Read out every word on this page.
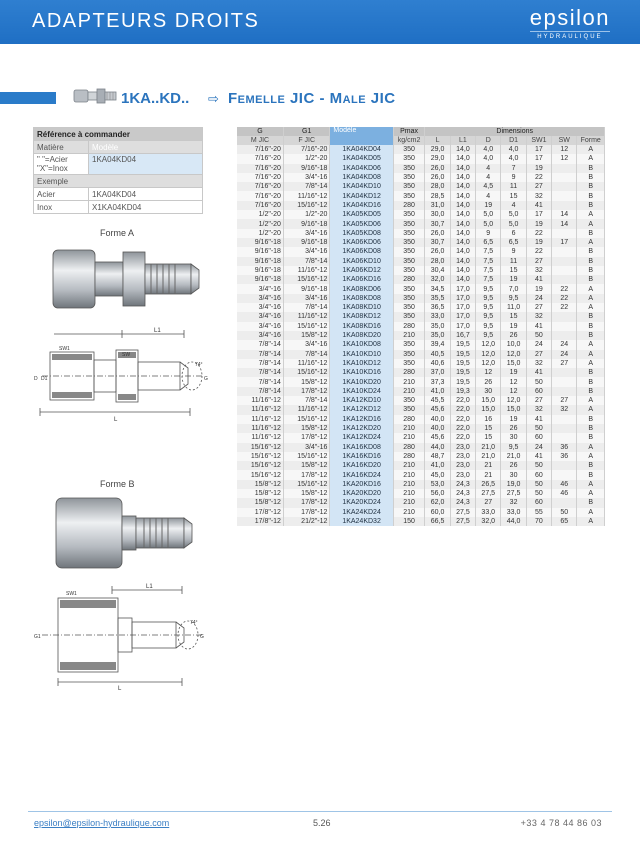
ADAPTEURS DROITS	epsilon
HYDRAULIQUE
1KA..KD.. ⇨ Femelle JIC - Male JIC
Référence à commander	
Matière	Modèle

" "=Acier
"X"=Inox	1KA04KD04
Exemple	
Acier	1KA04KD04
Inox	X1KA04KD04
Forme A
L1
L
SW1
SW
D D1	G
74°
Forme B
L1
L
SW1
G1	G
74°
G	G1	Modèle	Pmax	Dimensions						
M JIC	F JIC		kg/cm2	L	L1	D	D1	SW1	SW	Forme
7/16"-20	7/16"-20	1KA04KD04	350	29,0	14,0	4,0	4,0	17	12	A
7/16"-20	1/2"-20	1KA04KD05	350	29,0	14,0	4,0	4,0	17	12	A
7/16"-20	9/16"-18	1KA04KD06	350	26,0	14,0	4	7	19		B
7/16"-20	3/4"-16	1KA04KD08	350	26,0	14,0	4	9	22		B
7/16"-20	7/8"-14	1KA04KD10	350	28,0	14,0	4,5	11	27		B
7/16"-20	11/16"-12	1KA04KD12	350	28,5	14,0	4	15	32		B
7/16"-20	15/16"-12	1KA04KD16	280	31,0	14,0	19	4	41		B
1/2"-20	1/2"-20	1KA05KD05	350	30,0	14,0	5,0	5,0	17	14	A
1/2"-20	9/16"-18	1KA05KD06	350	30,7	14,0	5,0	5,0	19	14	A
1/2"-20	3/4"-16	1KA05KD08	350	26,0	14,0	9	6	22		B
9/16"-18	9/16"-18	1KA06KD06	350	30,7	14,0	6,5	6,5	19	17	A
9/16"-18	3/4"-16	1KA06KD08	350	26,0	14,0	7,5	9	22		B
9/16"-18	7/8"-14	1KA06KD10	350	28,0	14,0	7,5	11	27		B
9/16"-18	11/16"-12	1KA06KD12	350	30,4	14,0	7,5	15	32		B
9/16"-18	15/16"-12	1KA06KD16	280	32,0	14,0	7,5	19	41		B
3/4"-16	9/16"-18	1KA08KD06	350	34,5	17,0	9,5	7,0	19	22	A
3/4"-16	3/4"-16	1KA08KD08	350	35,5	17,0	9,5	9,5	24	22	A
3/4"-16	7/8"-14	1KA08KD10	350	36,5	17,0	9,5	11,0	27	22	A
3/4"-16	11/16"-12	1KA08KD12	350	33,0	17,0	9,5	15	32		B
3/4"-16	15/16"-12	1KA08KD16	280	35,0	17,0	9,5	19	41		B
3/4"-16	15/8"-12	1KA08KD20	210	35,0	16,7	9,5	26	50		B
7/8"-14	3/4"-16	1KA10KD08	350	39,4	19,5	12,0	10,0	24	24	A
7/8"-14	7/8"-14	1KA10KD10	350	40,5	19,5	12,0	12,0	27	24	A
7/8"-14	11/16"-12	1KA10KD12	350	40,6	19,5	12,0	15,0	32	27	A
7/8"-14	15/16"-12	1KA10KD16	280	37,0	19,5	12	19	41		B
7/8"-14	15/8"-12	1KA10KD20	210	37,3	19,5	26	12	50		B
7/8"-14	17/8"-12	1KA10KD24	210	41,0	19,3	30	12	60		B
11/16"-12	7/8"-14	1KA12KD10	350	45,5	22,0	15,0	12,0	27	27	A
11/16"-12	11/16"-12	1KA12KD12	350	45,6	22,0	15,0	15,0	32	32	A
11/16"-12	15/16"-12	1KA12KD16	280	40,0	22,0	16	19	41		B
11/16"-12	15/8"-12	1KA12KD20	210	40,0	22,0	15	26	50		B
11/16"-12	17/8"-12	1KA12KD24	210	45,6	22,0	15	30	60		B
15/16"-12	3/4"-16	1KA16KD08	280	44,0	23,0	21,0	9,5	24	36	A
15/16"-12	15/16"-12	1KA16KD16	280	48,7	23,0	21,0	21,0	41	36	A
15/16"-12	15/8"-12	1KA16KD20	210	41,0	23,0	21	26	50		B
15/16"-12	17/8"-12	1KA16KD24	210	45,0	23,0	21	30	60		B
15/8"-12	15/16"-12	1KA20KD16	210	53,0	24,3	26,5	19,0	50	46	A
15/8"-12	15/8"-12	1KA20KD20	210	56,0	24,3	27,5	27,5	50	46	A
15/8"-12	17/8"-12	1KA20KD24	210	62,0	24,3	27	32	60		B
17/8"-12	17/8"-12	1KA24KD24	210	60,0	27,5	33,0	33,0	55	50	A
17/8"-12	21/2"-12	1KA24KD32	150	66,5	27,5	32,0	44,0	70	65	A
epsilon@epsilon-hydraulique.com	5.26	+33 4 78 44 86 03
